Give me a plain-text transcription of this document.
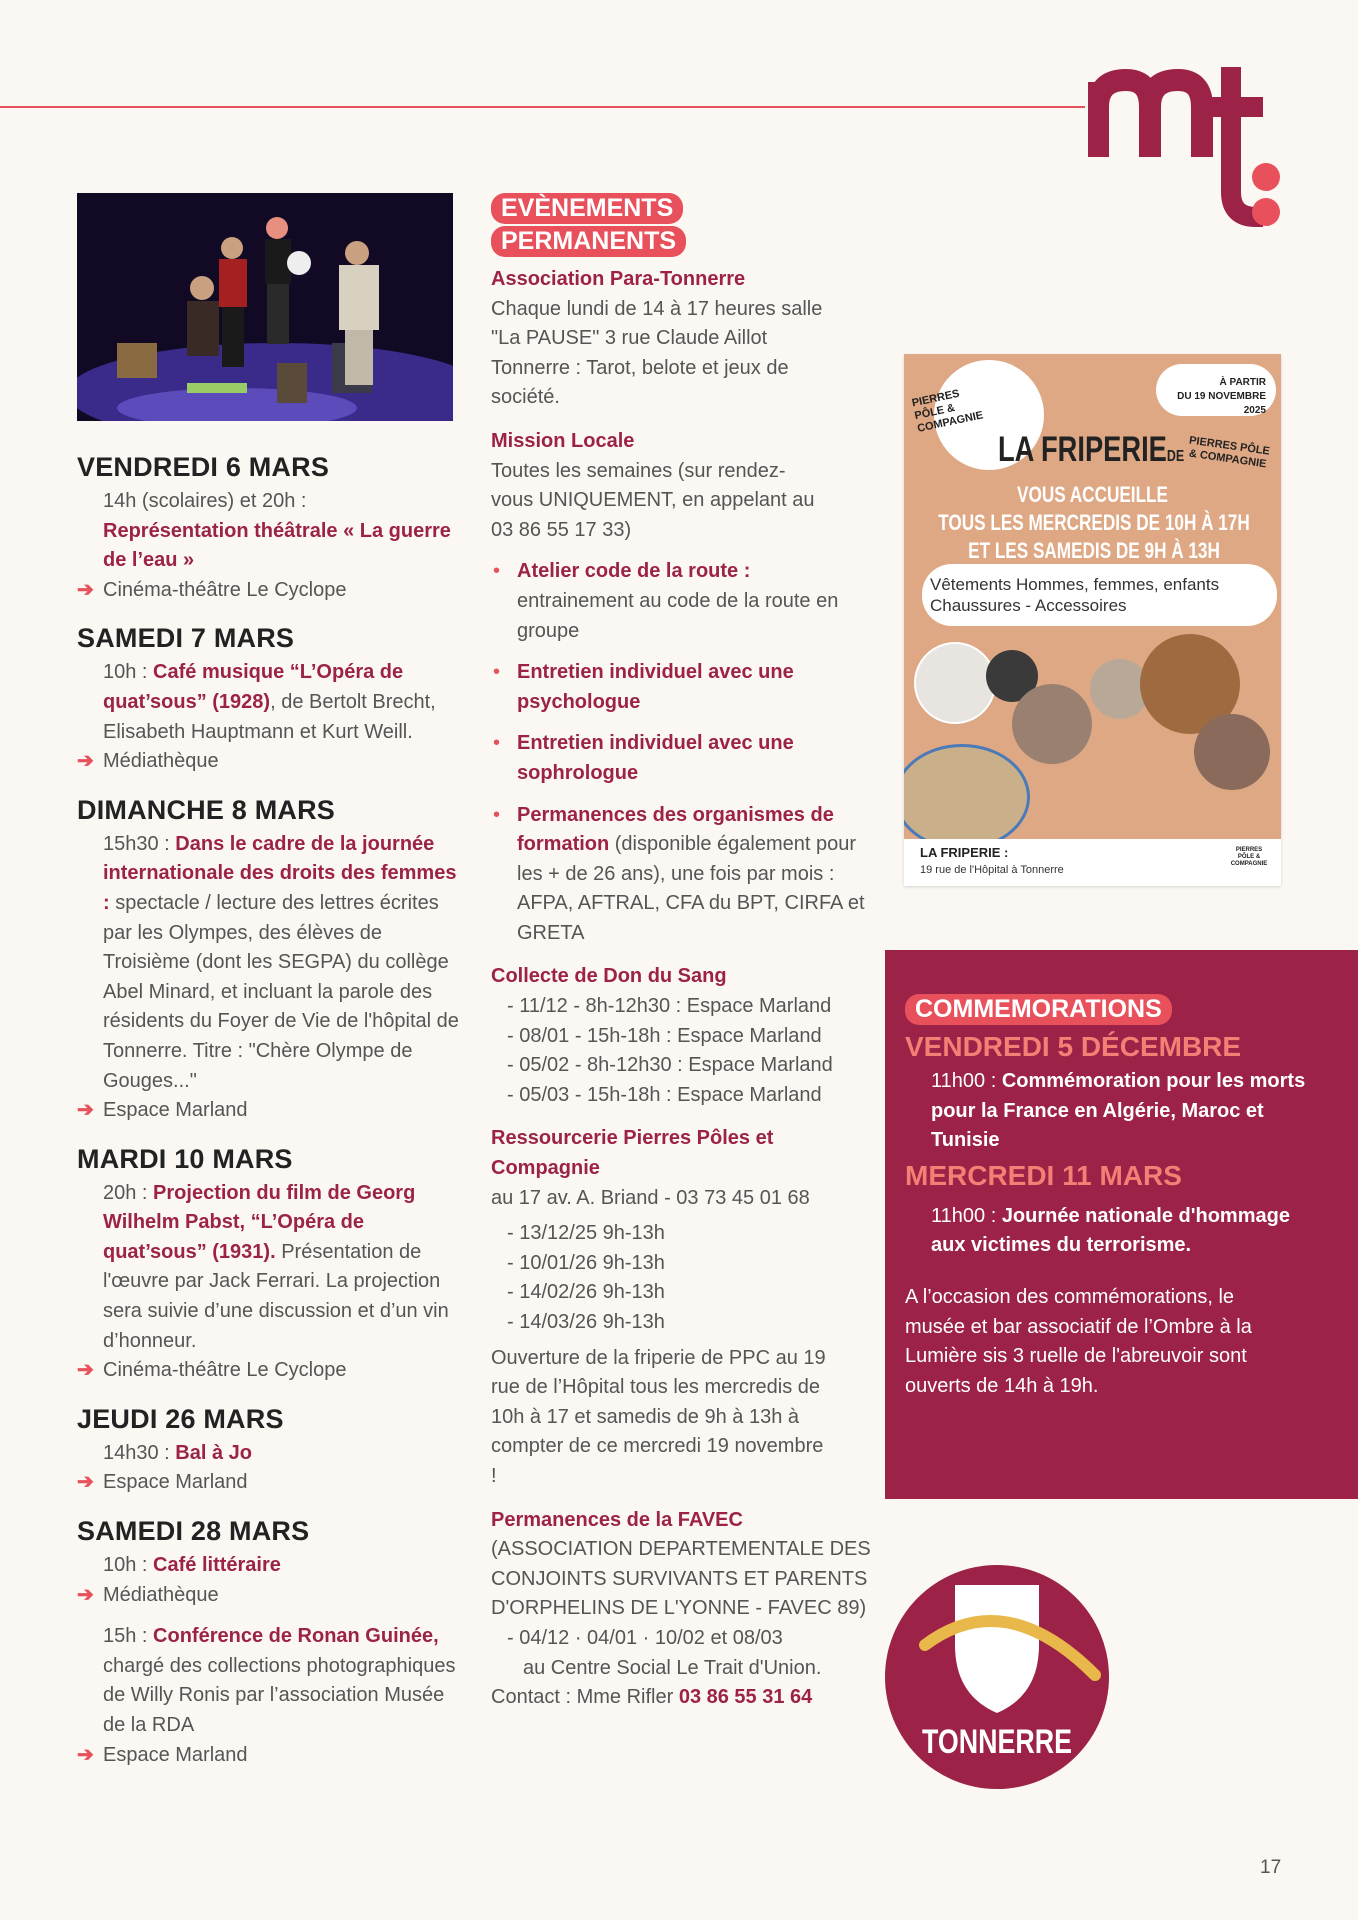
VENDREDI 6 MARS
14h (scolaires) et 20h :
Représentation théâtrale « La guerre de l’eau »
➔ Cinéma-théâtre Le Cyclope
SAMEDI 7 MARS
10h : Café musique “L’Opéra de quat’sous” (1928), de Bertolt Brecht, Elisabeth Hauptmann et Kurt Weill.
➔ Médiathèque
DIMANCHE 8 MARS
15h30 : Dans le cadre de la journée internationale des droits des femmes : spectacle / lecture des lettres écrites par les Olympes, des élèves de Troisième (dont les SEGPA) du collège Abel Minard, et incluant la parole des résidents du Foyer de Vie de l'hôpital de Tonnerre. Titre : "Chère Olympe de Gouges..."
➔ Espace Marland
MARDI 10 MARS
20h : Projection du film de Georg Wilhelm Pabst, “L’Opéra de quat’sous” (1931). Présentation de l'œuvre par Jack Ferrari. La projection sera suivie d’une discussion et d’un vin d’honneur.
➔ Cinéma-théâtre Le Cyclope
JEUDI 26 MARS
14h30 : Bal à Jo
➔ Espace Marland
SAMEDI 28 MARS
10h : Café littéraire
➔ Médiathèque
15h : Conférence de Ronan Guinée, chargé des collections photographiques de Willy Ronis par l’association Musée de la RDA
➔ Espace Marland
EVÈNEMENTS
PERMANENTS
Association Para-Tonnerre
Chaque lundi de 14 à 17 heures salle "La PAUSE" 3 rue Claude Aillot Tonnerre : Tarot, belote et jeux de société.
Mission Locale
Toutes les semaines (sur rendez-vous UNIQUEMENT, en appelant au 03 86 55 17 33)
• Atelier code de la route : entrainement au code de la route en groupe
• Entretien individuel avec une psychologue
• Entretien individuel avec une sophrologue
• Permanences des organismes de formation (disponible également pour les + de 26 ans), une fois par mois : AFPA, AFTRAL, CFA du BPT, CIRFA et GRETA
Collecte de Don du Sang
- 11/12 - 8h-12h30 : Espace Marland
- 08/01 - 15h-18h : Espace Marland
- 05/02 - 8h-12h30 : Espace Marland
- 05/03 - 15h-18h : Espace Marland
Ressourcerie Pierres Pôles et Compagnie
au 17 av. A. Briand - 03 73 45 01 68
- 13/12/25 9h-13h
- 10/01/26 9h-13h
- 14/02/26 9h-13h
- 14/03/26 9h-13h
Ouverture de la friperie de PPC au 19 rue de l’Hôpital tous les mercredis de 10h à 17 et samedis de 9h à 13h à compter de ce mercredi 19 novembre !
Permanences de la FAVEC
(ASSOCIATION DEPARTEMENTALE DES CONJOINTS SURVIVANTS ET PARENTS D'ORPHELINS DE L'YONNE - FAVEC 89)
- 04/12 · 04/01 · 10/02 et 08/03
au Centre Social Le Trait d'Union.
Contact : Mme Rifler 03 86 55 31 64
PIERRES PÔLE & COMPAGNIE
À PARTIR
DU 19 NOVEMBRE 2025
LA FRIPERIEDE PIERRES PÔLE & COMPAGNIE
VOUS ACCUEILLE
TOUS LES MERCREDIS DE 10H À 17H
ET LES SAMEDIS DE 9H À 13H
Vêtements Hommes, femmes, enfants
Chaussures - Accessoires
LA FRIPERIE :
19 rue de l'Hôpital à Tonnerre
PIERRES PÔLE & COMPAGNIE
COMMEMORATIONS
VENDREDI 5 DÉCEMBRE
11h00 : Commémoration pour les morts pour la France en Algérie, Maroc et Tunisie
MERCREDI 11 MARS
11h00 : Journée nationale d'hommage aux victimes du terrorisme.
A l’occasion des commémorations, le musée et bar associatif de l’Ombre à la Lumière sis 3 ruelle de l'abreuvoir sont ouverts de 14h à 19h.
TONNERRE
17
